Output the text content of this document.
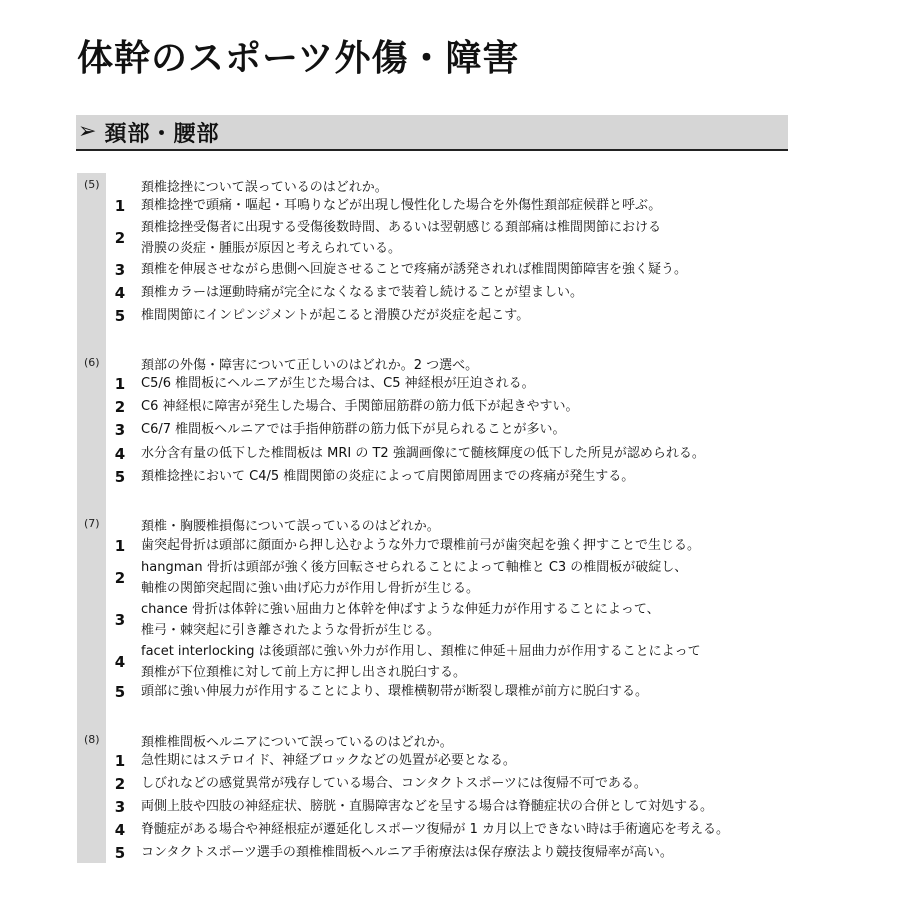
体幹のスポーツ外傷・障害
➢ 頚部・腰部
(5)	頚椎捻挫について誤っているのはどれか。
1 頚椎捻挫で頭痛・嘔起・耳鳴りなどが出現し慢性化した場合を外傷性頚部症候群と呼ぶ。
2
頚椎捻挫受傷者に出現する受傷後数時間、あるいは翌朝感じる頚部痛は椎間関節における
滑膜の炎症・腫脹が原因と考えられている。
3 頚椎を伸展させながら患側へ回旋させることで疼痛が誘発されれば椎間関節障害を強く疑う。
4 頚椎カラーは運動時痛が完全になくなるまで装着し続けることが望ましい。
5 椎間関節にインピンジメントが起こると滑膜ひだが炎症を起こす。
(6)	頚部の外傷・障害について正しいのはどれか。2 つ選べ。
1 C5/6 椎間板にヘルニアが生じた場合は、C5 神経根が圧迫される。
2 C6 神経根に障害が発生した場合、手関節屈筋群の筋力低下が起きやすい。
3 C6/7 椎間板ヘルニアでは手指伸筋群の筋力低下が見られることが多い。
4 水分含有量の低下した椎間板は MRI の T2 強調画像にて髄核輝度の低下した所見が認められる。
5 頚椎捻挫において C4/5 椎間関節の炎症によって肩関節周囲までの疼痛が発生する。
(7)	頚椎・胸腰椎損傷について誤っているのはどれか。
1 歯突起骨折は頭部に顔面から押し込むような外力で環椎前弓が歯突起を強く押すことで生じる。
2
hangman 骨折は頭部が強く後方回転させられることによって軸椎と C3 の椎間板が破綻し、
軸椎の関節突起間に強い曲げ応力が作用し骨折が生じる。
3
chance 骨折は体幹に強い屈曲力と体幹を伸ばすような伸延力が作用することによって、
椎弓・棘突起に引き離されたような骨折が生じる。
4
facet interlocking は後頭部に強い外力が作用し、頚椎に伸延＋屈曲力が作用することによって
頚椎が下位頚椎に対して前上方に押し出され脱臼する。
5 頭部に強い伸展力が作用することにより、環椎横靭帯が断裂し環椎が前方に脱臼する。
(8)	頚椎椎間板ヘルニアについて誤っているのはどれか。
1 急性期にはステロイド、神経ブロックなどの処置が必要となる。
2 しびれなどの感覚異常が残存している場合、コンタクトスポーツには復帰不可である。
3 両側上肢や四肢の神経症状、膀胱・直腸障害などを呈する場合は脊髄症状の合併として対処する。
4 脊髄症がある場合や神経根症が遷延化しスポーツ復帰が 1 カ月以上できない時は手術適応を考える。
5 コンタクトスポーツ選手の頚椎椎間板ヘルニア手術療法は保存療法より競技復帰率が高い。
